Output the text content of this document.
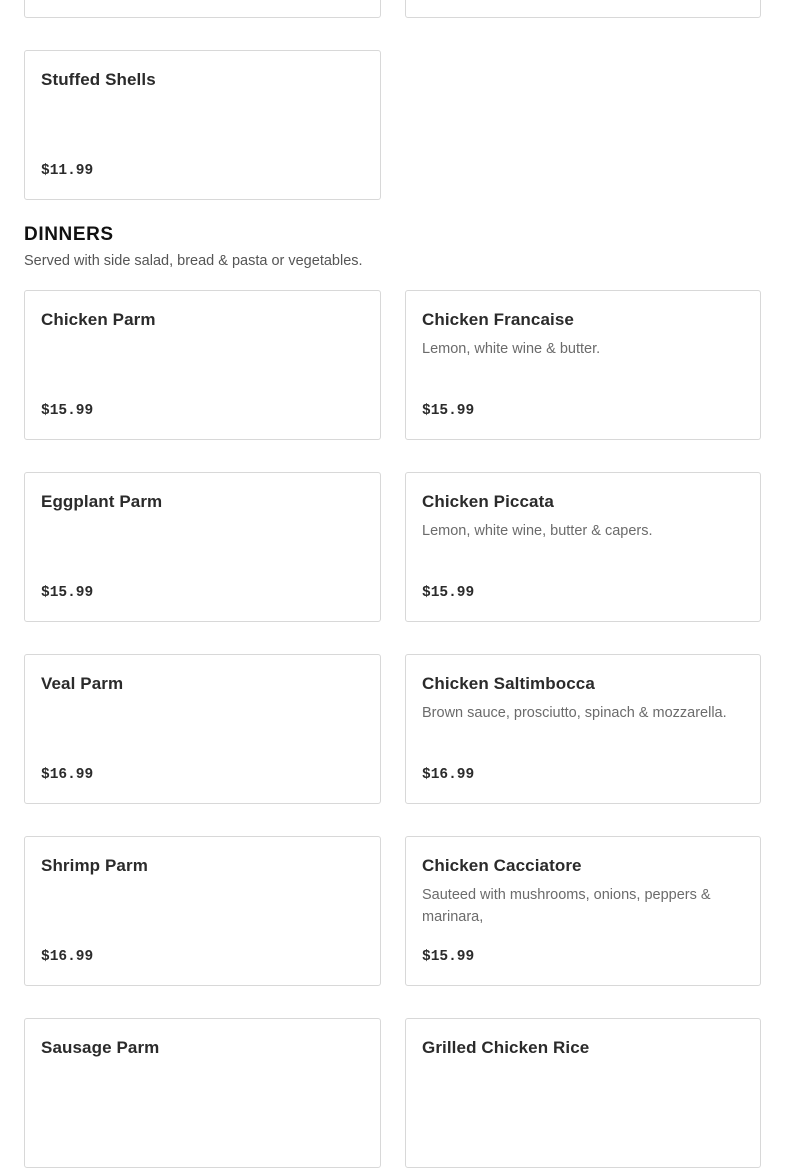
Stuffed Shells
$11.99
DINNERS
Served with side salad, bread & pasta or vegetables.
Chicken Parm
$15.99
Chicken Francaise
Lemon, white wine & butter.
$15.99
Eggplant Parm
$15.99
Chicken Piccata
Lemon, white wine, butter & capers.
$15.99
Veal Parm
$16.99
Chicken Saltimbocca
Brown sauce, prosciutto, spinach & mozzarella.
$16.99
Shrimp Parm
$16.99
Chicken Cacciatore
Sauteed with mushrooms, onions, peppers & marinara,
$15.99
Sausage Parm	Grilled Chicken Rice
